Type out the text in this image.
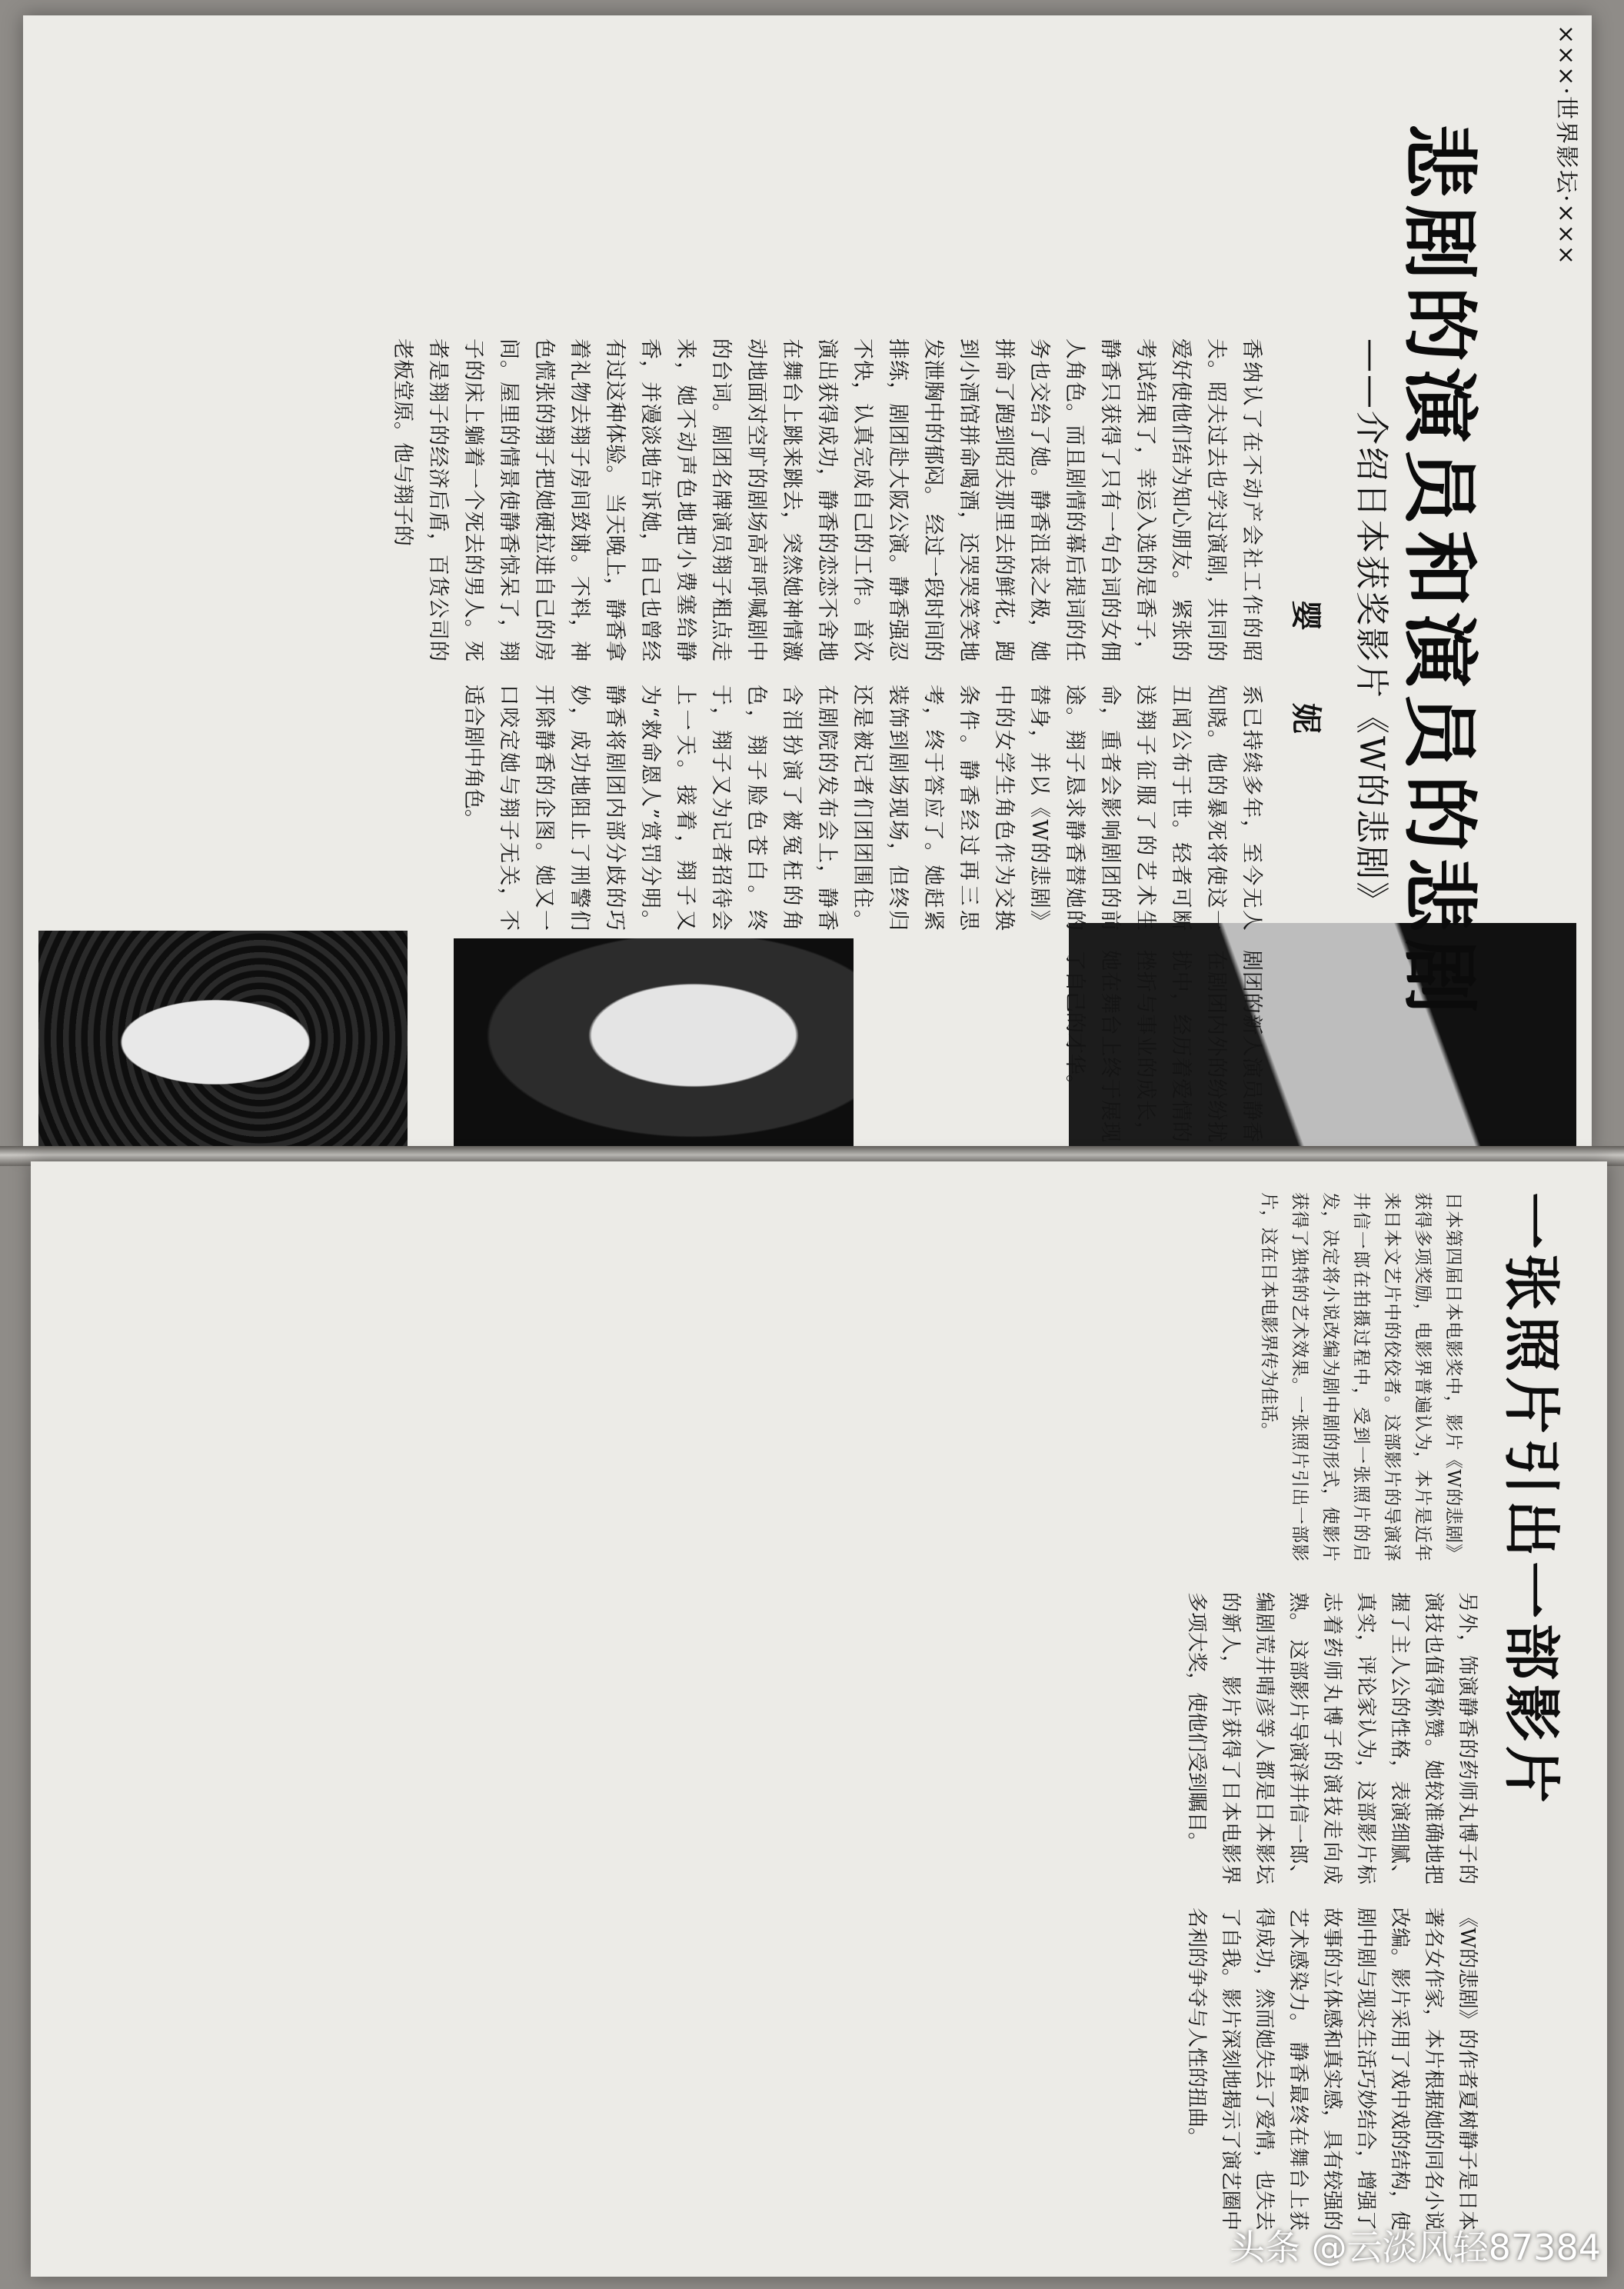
×××·世界影坛·×××
悲剧的演员和演员的悲剧
——介绍日本获奖影片《W的悲剧》
婴 妮
香纳认了在不动产会社工作的昭夫。昭夫过去也学过演剧，共同的爱好使他们结为知心朋友。 紧张的考试结果了，幸运入选的是香子，静香只获得了只有一句台词的女佣人角色。而且剧情的幕后提词的任务也交给了她。静香沮丧之极，她拼命了跑到昭夫那里去的鲜花，跑到小酒馆拼命喝酒，还哭哭笑笑地发泄胸中的郁闷。 经过一段时间的排练，剧团赴大阪公演。静香强忍不快，认真完成自己的工作。首次演出获得成功，静香的恋恋不舍地在舞台上跳来跳去，突然她神情激动地面对空旷的剧场高声呼喊剧中的台词。剧团名牌演员翔子粗点走来，她不动声色地把小费塞给静香，并漫淡地告诉她，自己也曾经有过这种体验。 当天晚上，静香拿着礼物去翔子房间致谢。不料，神色慌张的翔子把她硬拉进自己的房间。屋里的情景使静香惊呆了，翔子的床上躺着一个死去的男人。死者是翔子的经济后盾，百货公司的老板堂原。他与翔子的
系已持续多年，至今无人知晓。他的暴死将使这一丑闻公布于世。轻者可断送翔子征服了的艺术生命，重者会影响剧团的前途。翔子恳求静香替她的替身，并以《W的悲剧》中的女学生角色作为交换条件。静香经过再三思考，终于答应了。她赶紧装饰到剧场现场，但终归还是被记者们团团围住。 在剧院的发布会上，静香含泪扮演了被冤枉的角色，翔子脸色苍白。终于，翔子又为记者招待会上一天。接着，翔子又为“救命恩人”赏罚分明。静香将剧团内部分歧的巧妙，成功地阻止了刑警们开除静香的企图。她又一口咬定她与翔子无关，不适合剧中角色。
剧团的新人演员静香在剧团内外的纷纷扰扰中，经历着爱情的挫折与事业的成长，她在舞台上终于展现了自己的才华。
一张照片引出一部影片
日本第四届日本电影奖中，影片《W的悲剧》获得多项奖励，电影界普遍认为，本片是近年来日本文艺片中的佼佼者。这部影片的导演泽井信一郎在拍摄过程中，受到一张照片的启发，决定将小说改编为剧中剧的形式，使影片获得了独特的艺术效果。一张照片引出一部影片，这在日本电影界传为佳话。
另外，饰演静香的药师丸博子的演技也值得称赞。她较准确地把握了主人公的性格，表演细腻、真实，评论家认为，这部影片标志着药师丸博子的演技走向成熟。 这部影片导演泽井信一郎、编剧荒井晴彦等人都是日本影坛的新人，影片获得了日本电影界多项大奖，使他们受到瞩目。
《W的悲剧》的作者夏树静子是日本著名女作家，本片根据她的同名小说改编。影片采用了戏中戏的结构，使剧中剧与现实生活巧妙结合，增强了故事的立体感和真实感，具有较强的艺术感染力。 静香最终在舞台上获得成功，然而她失去了爱情，也失去了自我。影片深刻地揭示了演艺圈中名利的争夺与人性的扭曲。
头条 @云淡风轻87384
